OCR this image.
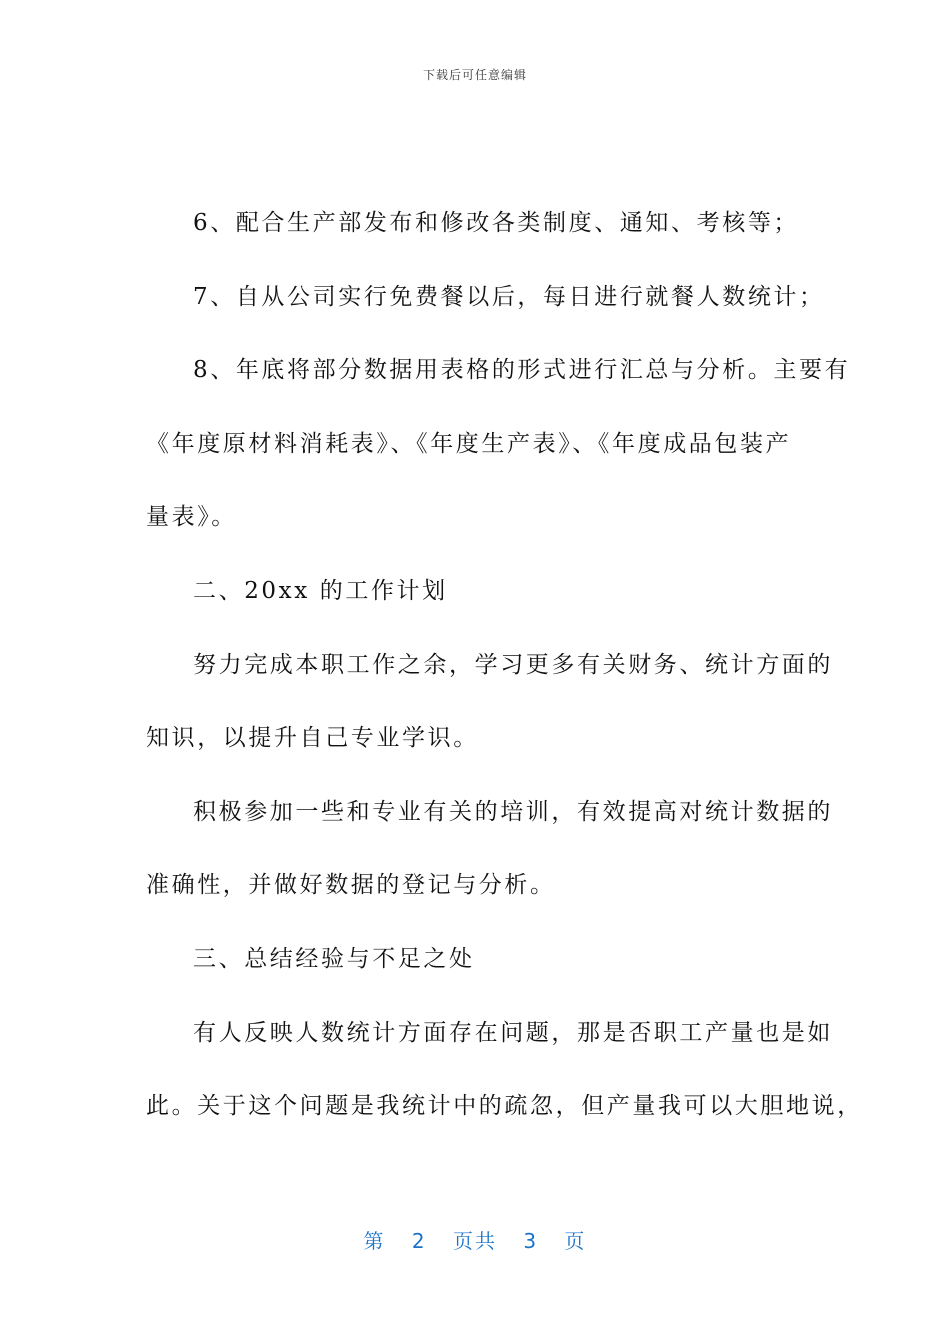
下载后可任意编辑
6、配合生产部发布和修改各类制度、通知、考核等；
7、自从公司实行免费餐以后，每日进行就餐人数统计；
8、年底将部分数据用表格的形式进行汇总与分析。主要有
《年度原材料消耗表》、《年度生产表》、《年度成品包装产
量表》。
二、20xx 的工作计划
努力完成本职工作之余，学习更多有关财务、统计方面的
知识，以提升自己专业学识。
积极参加一些和专业有关的培训，有效提高对统计数据的
准确性，并做好数据的登记与分析。
三、总结经验与不足之处
有人反映人数统计方面存在问题，那是否职工产量也是如
此。关于这个问题是我统计中的疏忽，但产量我可以大胆地说，
第 2 页共 3 页
